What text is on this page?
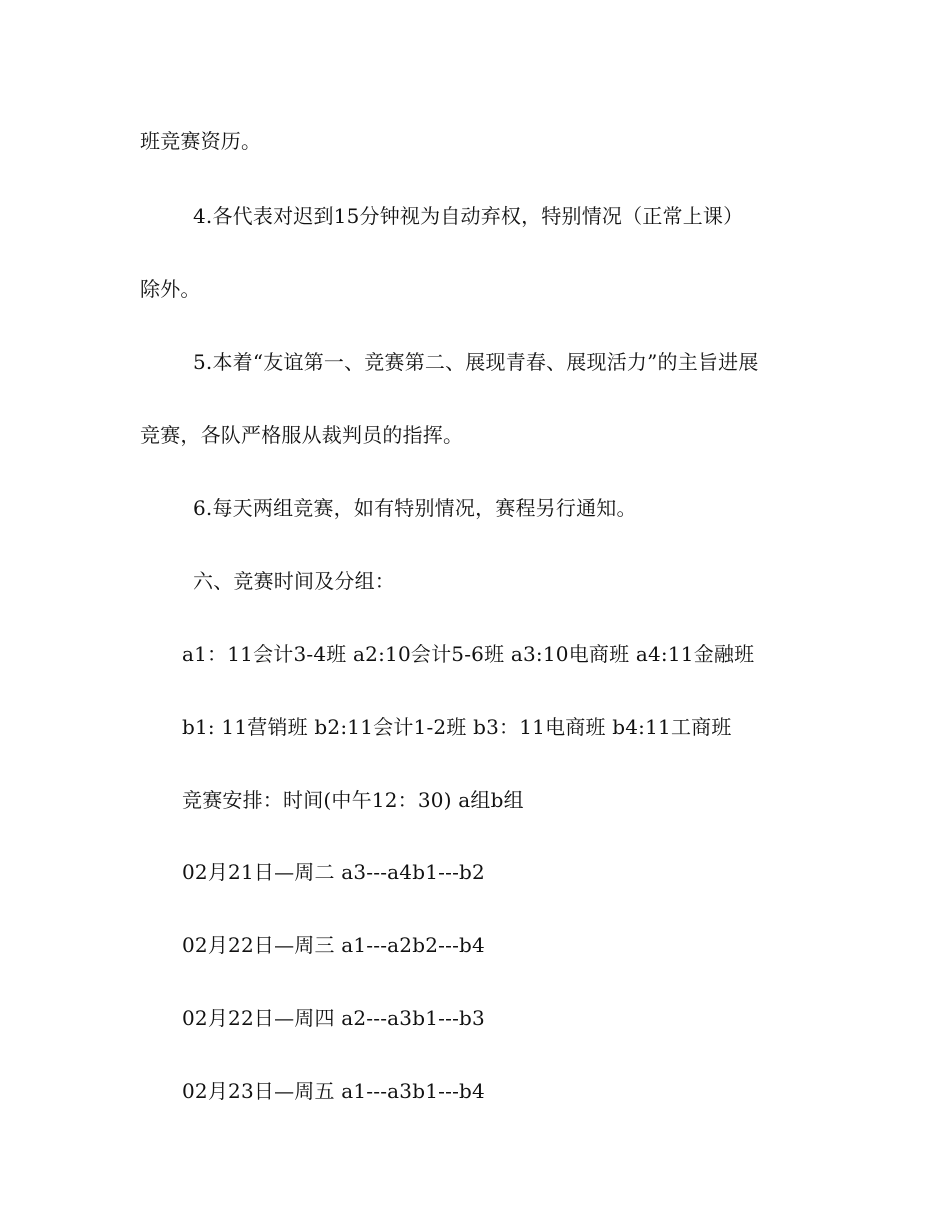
班竞赛资历。
4.各代表对迟到15分钟视为自动弃权，特别情况（正常上课）
除外。
5.本着“友谊第一、竞赛第二、展现青春、展现活力”的主旨进展
竞赛，各队严格服从裁判员的指挥。
6.每天两组竞赛，如有特别情况，赛程另行通知。
六、竞赛时间及分组：
a1：11会计3-4班 a2:10会计5-6班 a3:10电商班 a4:11金融班
b1: 11营销班 b2:11会计1-2班 b3：11电商班 b4:11工商班
竞赛安排：时间(中午12：30) a组b组
02月21日—周二 a3---a4b1---b2
02月22日—周三 a1---a2b2---b4
02月22日—周四 a2---a3b1---b3
02月23日—周五 a1---a3b1---b4
